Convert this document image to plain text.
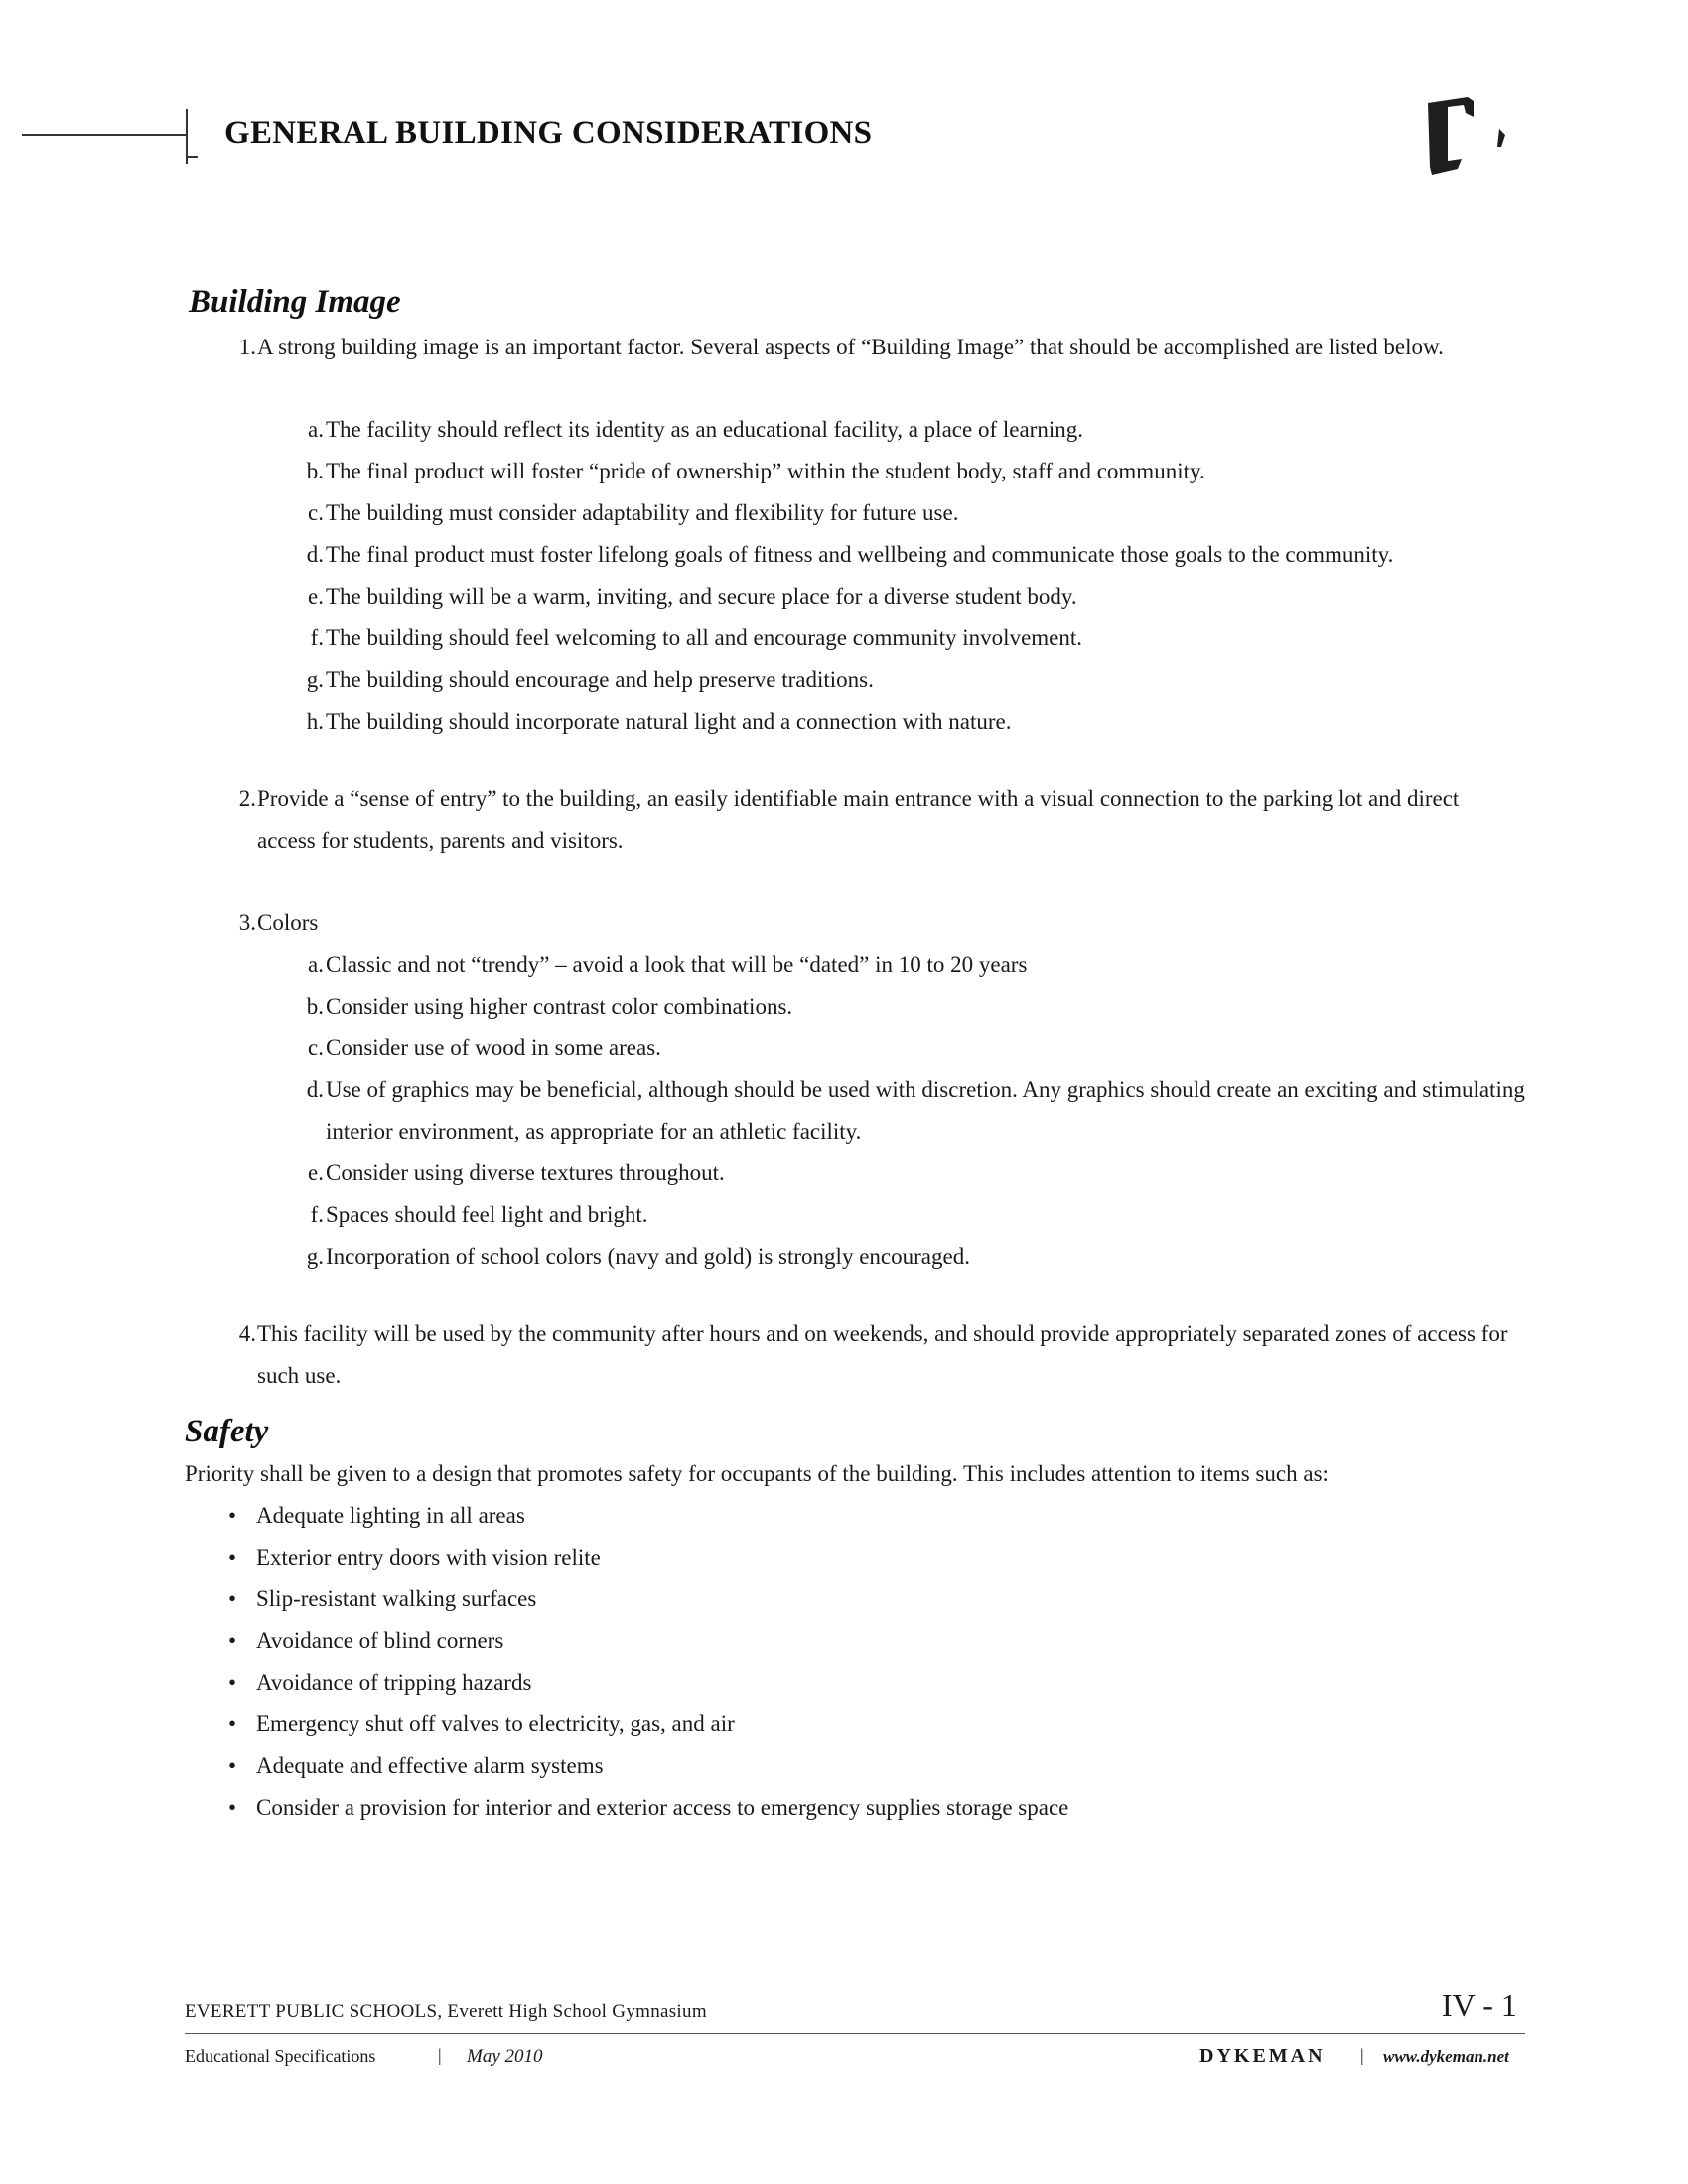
GENERAL BUILDING CONSIDERATIONS
Building Image
1. A strong building image is an important factor. Several aspects of “Building Image” that should be accomplished are listed below.
a. The facility should reflect its identity as an educational facility, a place of learning.
b. The final product will foster “pride of ownership” within the student body, staff and community.
c. The building must consider adaptability and flexibility for future use.
d. The final product must foster lifelong goals of fitness and wellbeing and communicate those goals to the community.
e. The building will be a warm, inviting, and secure place for a diverse student body.
f. The building should feel welcoming to all and encourage community involvement.
g. The building should encourage and help preserve traditions.
h. The building should incorporate natural light and a connection with nature.
2. Provide a “sense of entry” to the building, an easily identifiable main entrance with a visual connection to the parking lot and direct access for students, parents and visitors.
3. Colors
a. Classic and not “trendy” – avoid a look that will be “dated” in 10 to 20 years
b. Consider using higher contrast color combinations.
c. Consider use of wood in some areas.
d. Use of graphics may be beneficial, although should be used with discretion. Any graphics should create an exciting and stimulating interior environment, as appropriate for an athletic facility.
e. Consider using diverse textures throughout.
f. Spaces should feel light and bright.
g. Incorporation of school colors (navy and gold) is strongly encouraged.
4. This facility will be used by the community after hours and on weekends, and should provide appropriately separated zones of access for such use.
Safety
Priority shall be given to a design that promotes safety for occupants of the building. This includes attention to items such as:
• Adequate lighting in all areas
• Exterior entry doors with vision relite
• Slip-resistant walking surfaces
• Avoidance of blind corners
• Avoidance of tripping hazards
• Emergency shut off valves to electricity, gas, and air
• Adequate and effective alarm systems
• Consider a provision for interior and exterior access to emergency supplies storage space
EVERETT PUBLIC SCHOOLS, Everett High School Gymnasium	IV - 1
Educational Specifications	| May 2010	DYKEMAN | www.dykeman.net
